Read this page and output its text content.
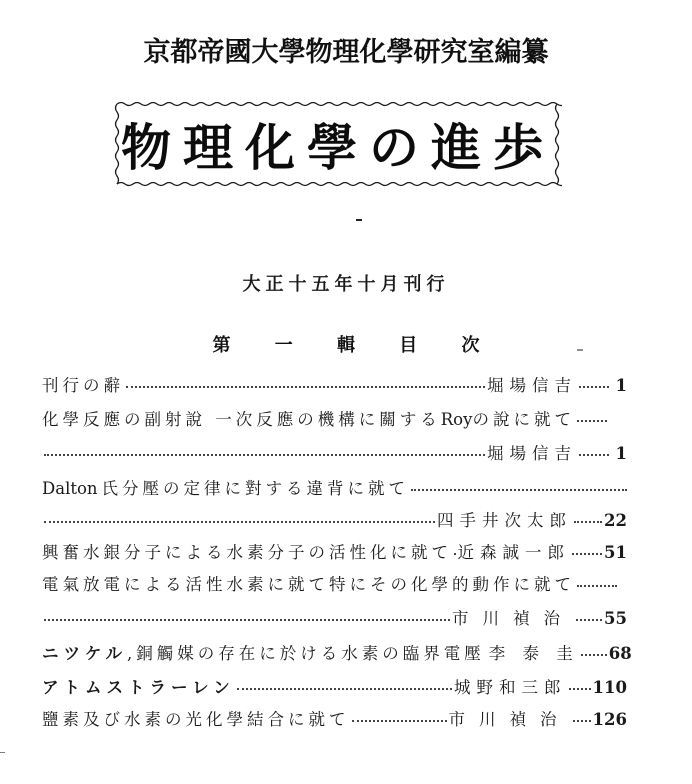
京都帝國大學物理化學研究室編纂
物理化學の進歩
大正十五年十月刊行
第 一 輯 目 次
刊行の辭	堀場信吉 1
化學反應の副射說 一次反應の機構に關する Roy の說に就て
堀場信吉 1
Dalton 氏分壓の定律に對する違背に就て
四手井次太郎 22
興奮水銀分子による水素分子の活性化に就て 近森誠一郎 51
電氣放電による活性水素に就て特にその化學的動作に就て
市川禎治 55
ニツケル ,銅觸媒の存在に於ける水素の臨界電壓 李 泰 圭 68
アトムストラーレン	城野和三郎 110
鹽素及び水素の光化學結合に就て	市川禎治 126
